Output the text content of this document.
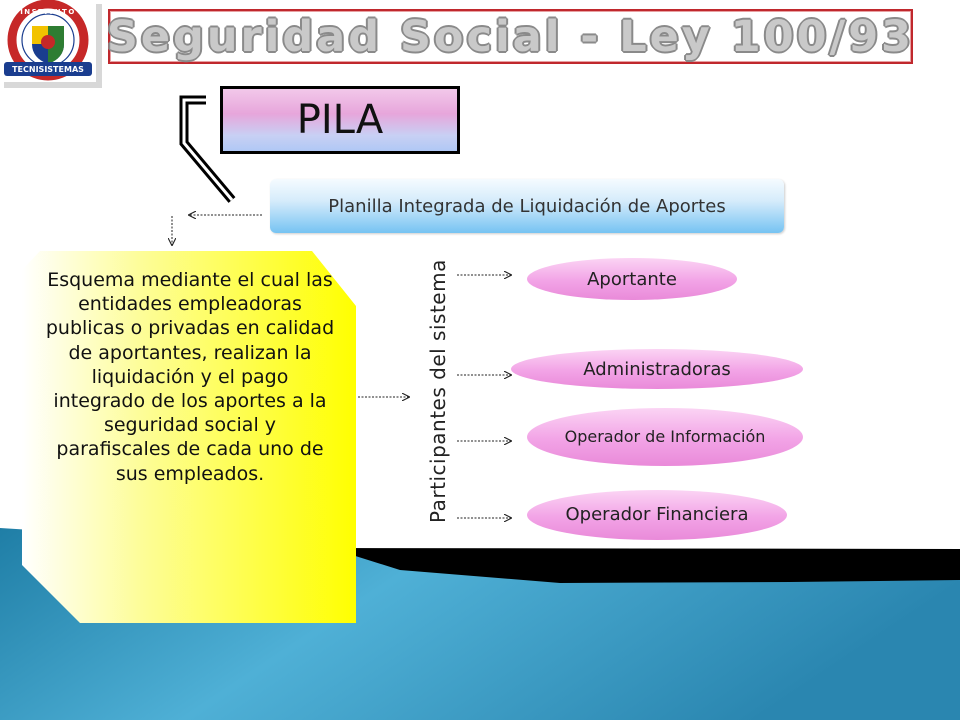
INSTITUTO
TECNISISTEMAS
Seguridad Social - Ley 100/93
PILA
Planilla Integrada de Liquidación de Aportes
Esquema mediante el cual las entidades empleadoras publicas o privadas en calidad de aportantes, realizan la liquidación y el pago integrado de los aportes a la seguridad social y parafiscales de cada uno de sus empleados.	Participantes del sistema	Aportante
Administradoras
Operador de Información
Operador Financiera
